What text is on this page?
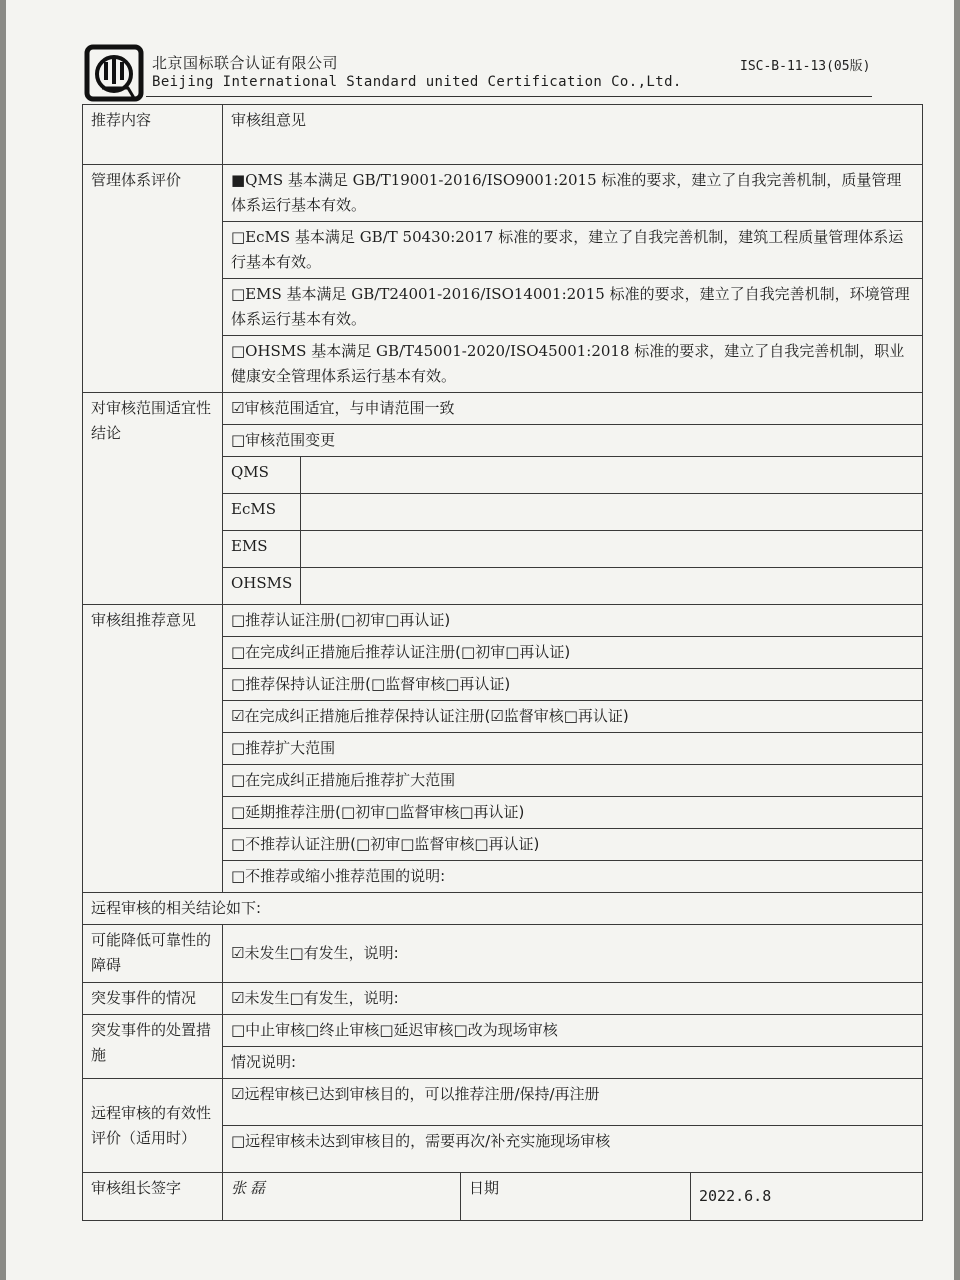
北京国标联合认证有限公司
Beijing International Standard united Certification Co.,Ltd.
ISC-B-11-13(05版)
推荐内容	审核组意见			
管理体系评价	■QMS 基本满足 GB/T19001-2016/ISO9001:2015 标准的要求，建立了自我完善机制，质量管理体系运行基本有效。			
	□EcMS 基本满足 GB/T 50430:2017 标准的要求，建立了自我完善机制，建筑工程质量管理体系运行基本有效。			
	□EMS 基本满足 GB/T24001-2016/ISO14001:2015 标准的要求，建立了自我完善机制，环境管理体系运行基本有效。			
	□OHSMS 基本满足 GB/T45001-2020/ISO45001:2018 标准的要求，建立了自我完善机制，职业健康安全管理体系运行基本有效。			
对审核范围适宜性结论	☑审核范围适宜，与申请范围一致			
	□审核范围变更			
	QMS			
	EcMS			
	EMS			
	OHSMS			
审核组推荐意见	□推荐认证注册(□初审□再认证)			
	□在完成纠正措施后推荐认证注册(□初审□再认证)			
	□推荐保持认证注册(□监督审核□再认证)			
	☑在完成纠正措施后推荐保持认证注册(☑监督审核□再认证)			
	□推荐扩大范围			
	□在完成纠正措施后推荐扩大范围			
	□延期推荐注册(□初审□监督审核□再认证)			
	□不推荐认证注册(□初审□监督审核□再认证)			
	□不推荐或缩小推荐范围的说明:			
远程审核的相关结论如下:				
可能降低可靠性的障碍	☑未发生□有发生，说明:			
突发事件的情况	☑未发生□有发生，说明:			
突发事件的处置措施	□中止审核□终止审核□延迟审核□改为现场审核			
	情况说明:			
远程审核的有效性评价（适用时）	☑远程审核已达到审核目的，可以推荐注册/保持/再注册			
	□远程审核未达到审核目的，需要再次/补充实施现场审核			
审核组长签字	张磊		日期	2022.6.8
